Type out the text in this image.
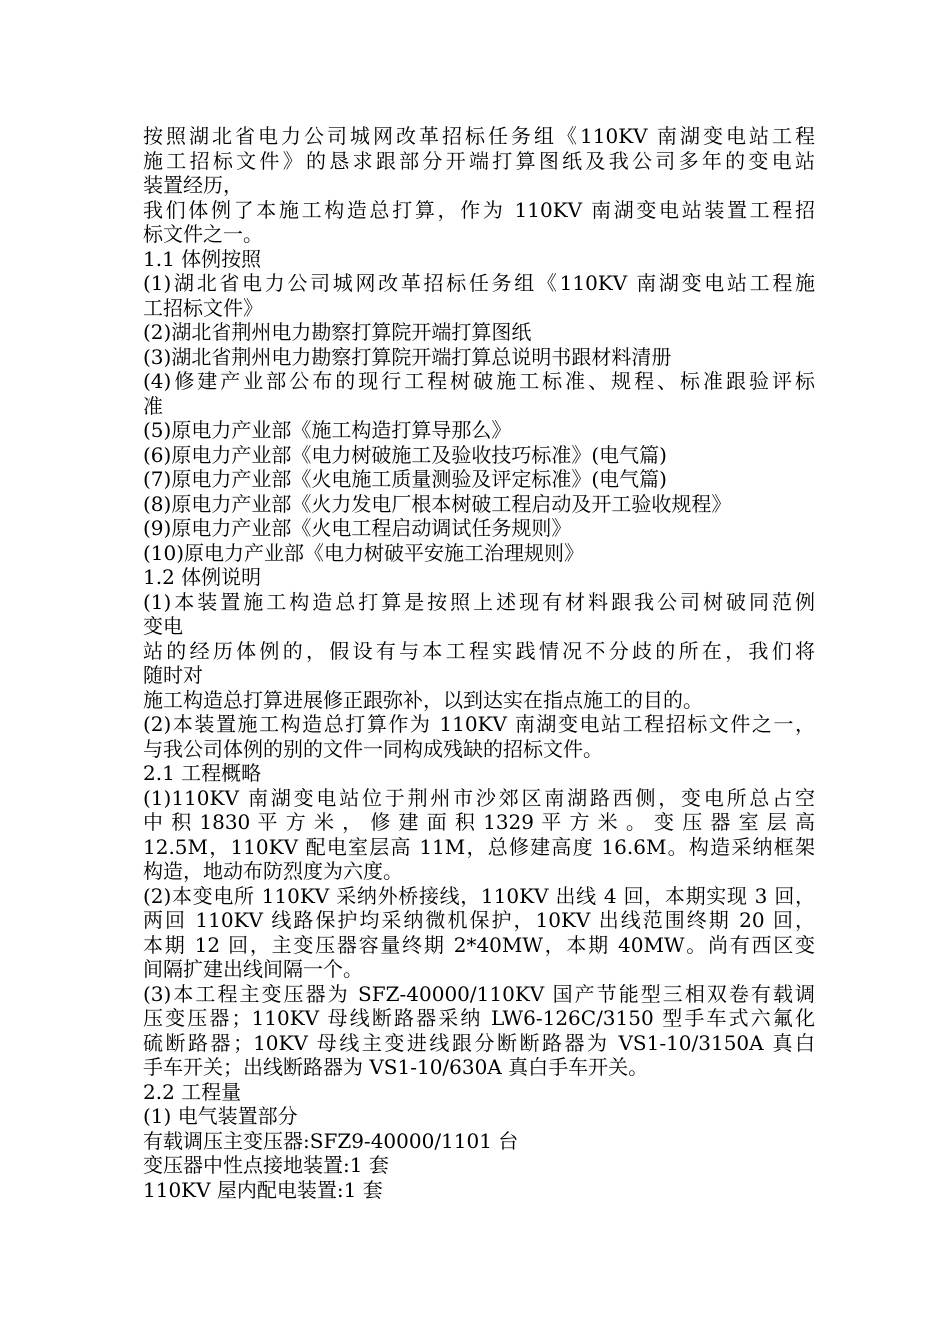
按照湖北省电力公司城网改革招标任务组《110KV 南湖变电站工程

施工招标文件》的恳求跟部分开端打算图纸及我公司多年的变电站

装置经历，

我们体例了本施工构造总打算，作为 110KV 南湖变电站装置工程招

标文件之一。

1.1 体例按照

(1)湖北省电力公司城网改革招标任务组《110KV 南湖变电站工程施

工招标文件》

(2)湖北省荆州电力勘察打算院开端打算图纸

(3)湖北省荆州电力勘察打算院开端打算总说明书跟材料清册

(4)修建产业部公布的现行工程树破施工标准、规程、标准跟验评标

准

(5)原电力产业部《施工构造打算导那么》

(6)原电力产业部《电力树破施工及验收技巧标准》(电气篇)

(7)原电力产业部《火电施工质量测验及评定标准》(电气篇)

(8)原电力产业部《火力发电厂根本树破工程启动及开工验收规程》

(9)原电力产业部《火电工程启动调试任务规则》

(10)原电力产业部《电力树破平安施工治理规则》

1.2 体例说明

(1)本装置施工构造总打算是按照上述现有材料跟我公司树破同范例

变电

站的经历体例的，假设有与本工程实践情况不分歧的所在，我们将

随时对

施工构造总打算进展修正跟弥补，以到达实在指点施工的目的。

(2)本装置施工构造总打算作为 110KV 南湖变电站工程招标文件之一，

与我公司体例的别的文件一同构成残缺的招标文件。

2.1 工程概略

(1)110KV 南湖变电站位于荆州市沙郊区南湖路西侧，变电所总占空

中 积 1830 平 方 米 ， 修 建 面 积 1329 平 方 米 。 变 压 器 室 层 高

12.5M，110KV 配电室层高 11M，总修建高度 16.6M。构造采纳框架

构造，地动布防烈度为六度。

(2)本变电所 110KV 采纳外桥接线，110KV 出线 4 回，本期实现 3 回，

两回 110KV 线路保护均采纳微机保护，10KV 出线范围终期 20 回，

本期 12 回，主变压器容量终期 2*40MW，本期 40MW。尚有西区变

间隔扩建出线间隔一个。

(3)本工程主变压器为 SFZ-40000/110KV 国产节能型三相双卷有载调

压变压器；110KV 母线断路器采纳 LW6-126C/3150 型手车式六氟化

硫断路器；10KV 母线主变进线跟分断断路器为 VS1-10/3150A 真白

手车开关；出线断路器为 VS1-10/630A 真白手车开关。

2.2 工程量

(1) 电气装置部分

有载调压主变压器:SFZ9-40000/1101 台

变压器中性点接地装置:1 套

110KV 屋内配电装置:1 套
